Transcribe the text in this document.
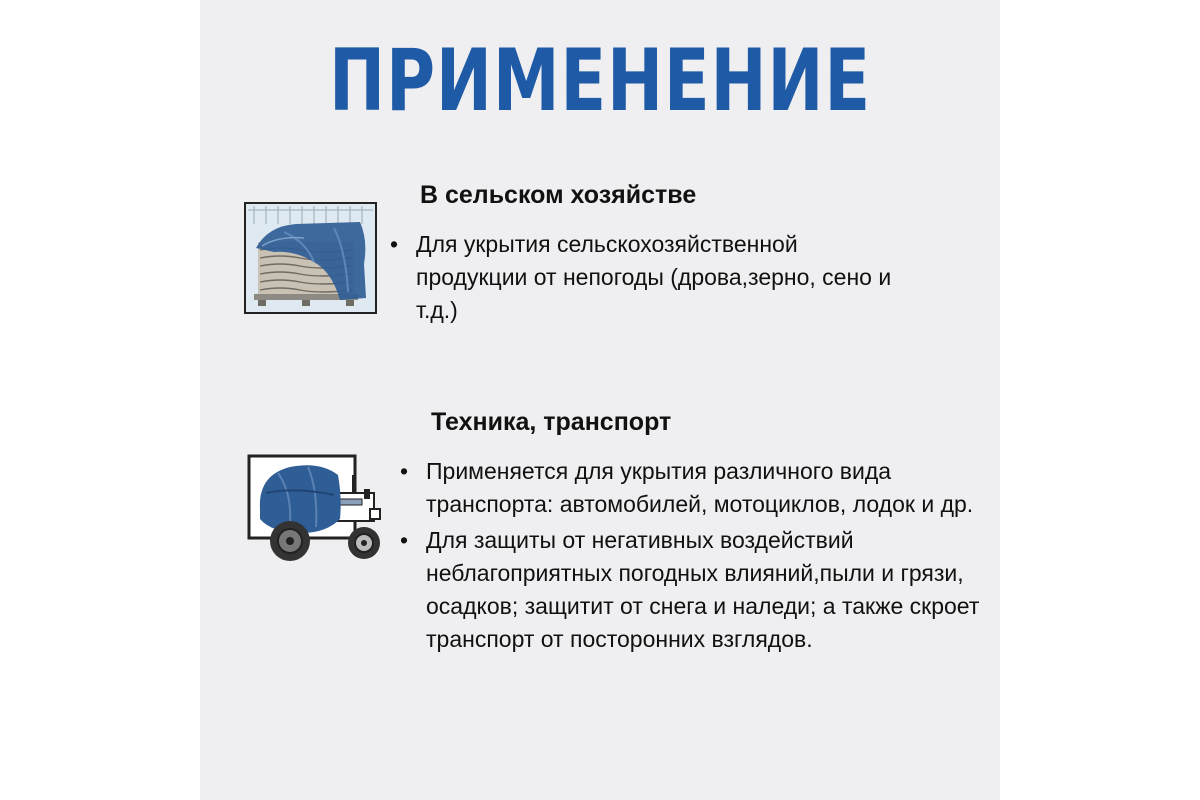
ПРИМЕНЕНИЕ
В сельском хозяйстве
• Для укрытия сельскохозяйственной продукции от непогоды (дрова,зерно, сено и т.д.)
Техника, транспорт
• Применяется для укрытия различного вида транспорта: автомобилей, мотоциклов, лодок и др.
• Для защиты от негативных воздействий неблагоприятных погодных влияний,пыли и грязи, осадков; защитит от снега и наледи; а также скроет транспорт от посторонних взглядов.
